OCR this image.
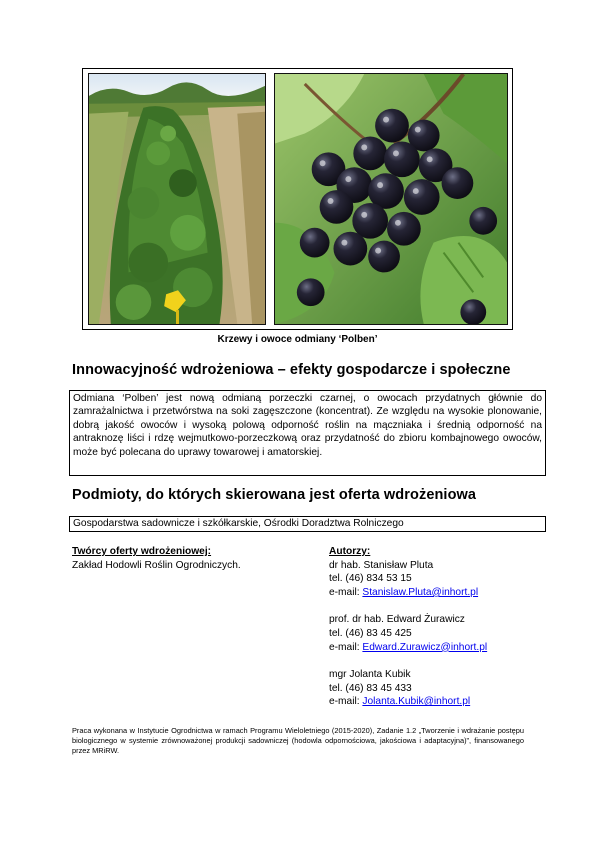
Krzewy i owoce odmiany ‘Polben’
Innowacyjność wdrożeniowa – efekty gospodarcze i społeczne
Odmiana ‘Polben’ jest nową odmianą porzeczki czarnej, o owocach przydatnych głównie do zamrażalnictwa i przetwórstwa na soki zagęszczone (koncentrat). Ze względu na wysokie plonowanie, dobrą jakość owoców i wysoką polową odporność roślin na mączniaka i średnią odporność na antraknozę liści i rdzę wejmutkowo-porzeczkową oraz przydatność do zbioru kombajnowego owoców, może być polecana do uprawy towarowej i amatorskiej.
Podmioty, do których skierowana jest oferta wdrożeniowa
Gospodarstwa sadownicze i szkółkarskie, Ośrodki Doradztwa Rolniczego
Twórcy oferty wdrożeniowej:
Zakład Hodowli Roślin Ogrodniczych.
Autorzy:
dr hab. Stanisław Pluta
tel. (46) 834 53 15
e-mail: Stanislaw.Pluta@inhort.pl
prof. dr hab. Edward Żurawicz
tel. (46) 83 45 425
e-mail: Edward.Zurawicz@inhort.pl
mgr Jolanta Kubik
tel. (46) 83 45 433
e-mail: Jolanta.Kubik@inhort.pl
Praca wykonana w Instytucie Ogrodnictwa w ramach Programu Wieloletniego (2015-2020), Zadanie 1.2 „Tworzenie i wdrażanie postępu biologicznego w systemie zrównoważonej produkcji sadowniczej (hodowla odpornościowa, jakościowa i adaptacyjna)”, finansowanego przez MRiRW.
